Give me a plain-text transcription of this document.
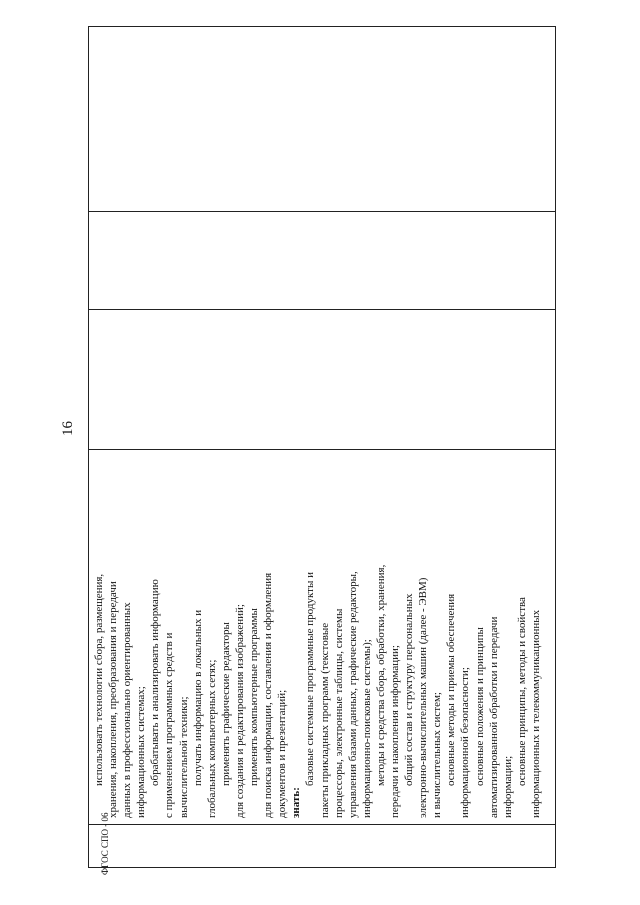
16

использовать технологии сбора, размещения, хранения, накопления, преобразования и передачи данных в профессионально ориентированных информационных системах; обрабатывать и анализировать информацию с применением программных средств и вычислительной техники; получать информацию в локальных и глобальных компьютерных сетях; применять графические редакторы для создания и редактирования изображений; применять компьютерные программы для поиска информации, составления и оформления документов и презентаций; знать:
базовые системные программные продукты и пакеты прикладных программ (текстовые процессоры, электронные таблицы, системы управления базами данных, графические редакторы, информационно-поисковые системы); методы и средства сбора, обработки, хранения, передачи и накопления информации; общий состав и структуру персональных электронно-вычислительных машин (далее - ЭВМ) и вычислительных систем; основные методы и приемы обеспечения информационной безопасности; основные положения и принципы автоматизированной обработки и передачи информации;
основные принципы, методы и свойства информационных и телекоммуникационных

ФГОС СПО - 06
